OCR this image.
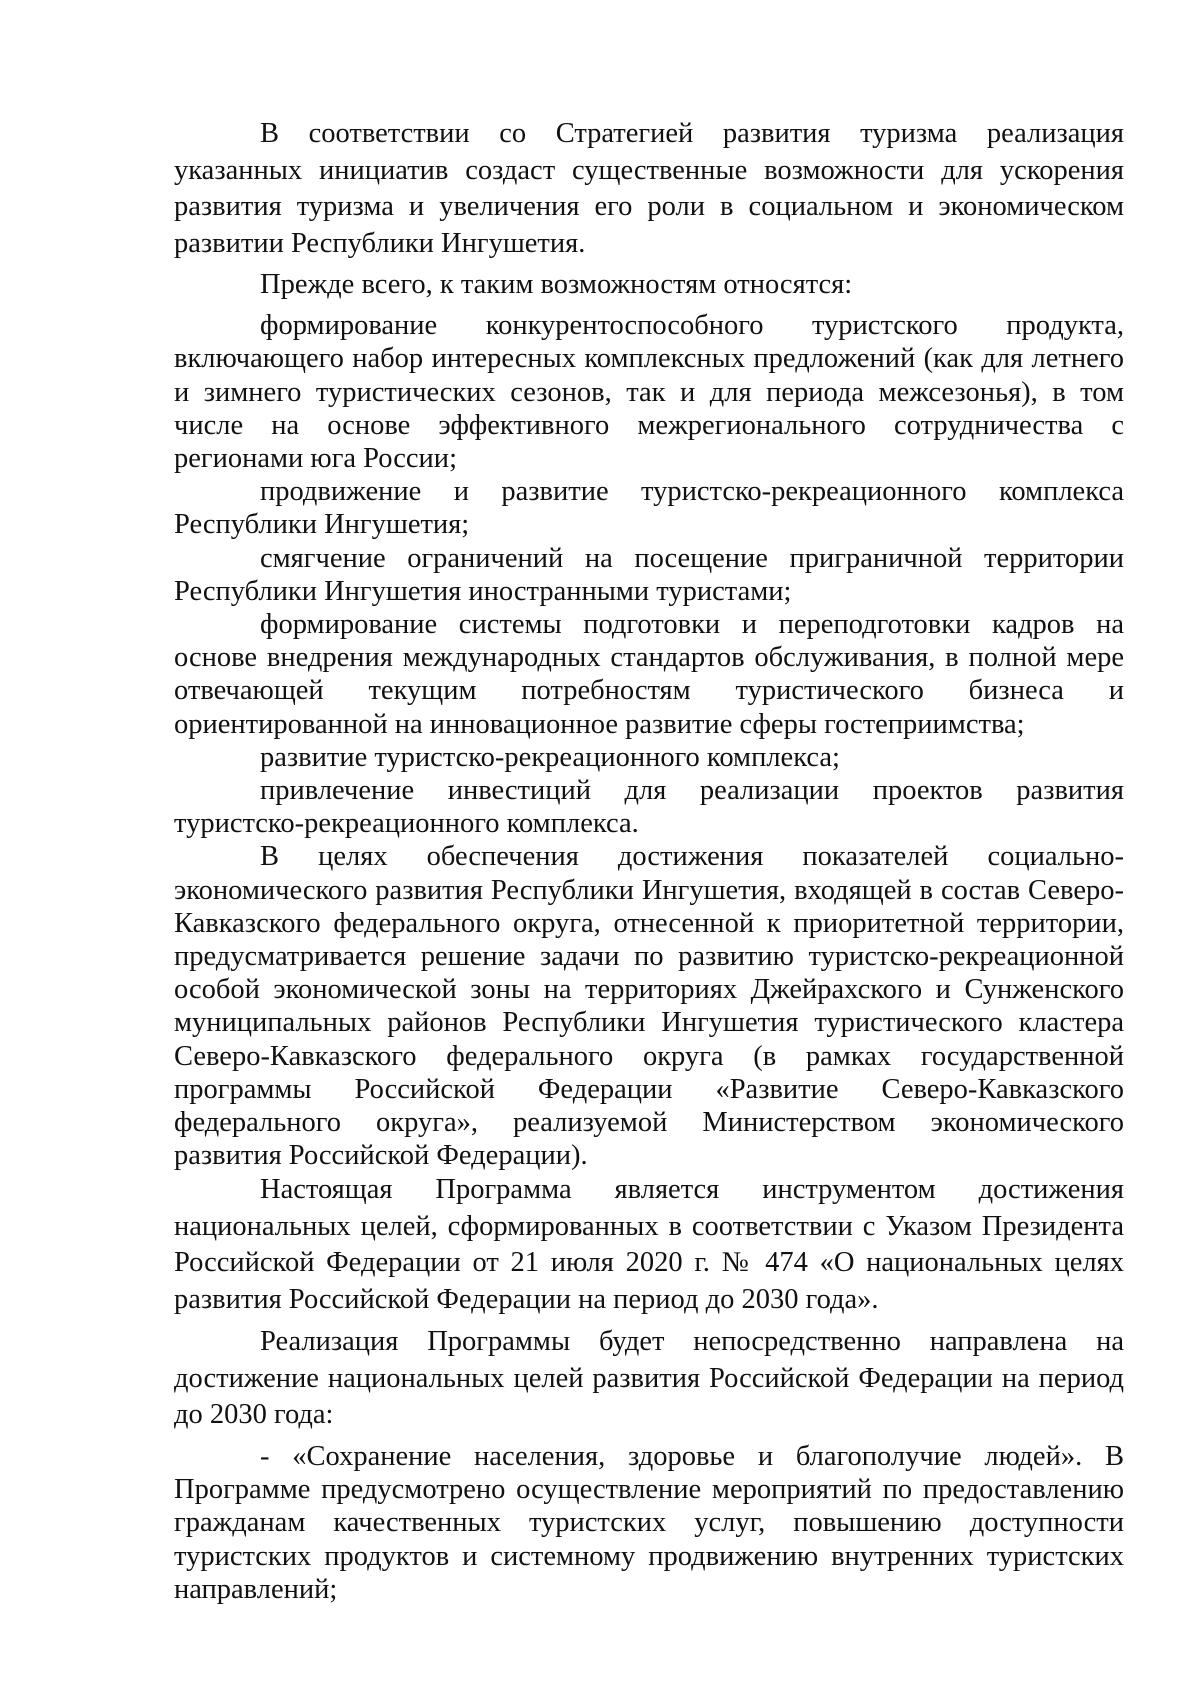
В соответствии со Стратегией развития туризма реализация указанных инициатив создаст существенные возможности для ускорения развития туризма и увеличения его роли в социальном и экономическом развитии Республики Ингушетия.

Прежде всего, к таким возможностям относятся:

формирование конкурентоспособного туристского продукта, включающего набор интересных комплексных предложений (как для летнего и зимнего туристических сезонов, так и для периода межсезонья), в том числе на основе эффективного межрегионального сотрудничества с регионами юга России;

продвижение и развитие туристско-рекреационного комплекса Республики Ингушетия;

смягчение ограничений на посещение приграничной территории Республики Ингушетия иностранными туристами;

формирование системы подготовки и переподготовки кадров на основе внедрения международных стандартов обслуживания, в полной мере отвечающей текущим потребностям туристического бизнеса и ориентированной на инновационное развитие сферы гостеприимства;

развитие туристско-рекреационного комплекса;

привлечение инвестиций для реализации проектов развития туристско-рекреационного комплекса.

В целях обеспечения достижения показателей социально-экономического развития Республики Ингушетия, входящей в состав Северо-Кавказского федерального округа, отнесенной к приоритетной территории, предусматривается решение задачи по развитию туристско-рекреационной особой экономической зоны на территориях Джейрахского и Сунженского муниципальных районов Республики Ингушетия туристического кластера Северо-Кавказского федерального округа (в рамках государственной программы Российской Федерации «Развитие Северо-Кавказского федерального округа», реализуемой Министерством экономического развития Российской Федерации).

Настоящая Программа является инструментом достижения национальных целей, сформированных в соответствии с Указом Президента Российской Федерации от 21 июля 2020 г. № 474 «О национальных целях развития Российской Федерации на период до 2030 года».

Реализация Программы будет непосредственно направлена на достижение национальных целей развития Российской Федерации на период до 2030 года:

- «Сохранение населения, здоровье и благополучие людей». В Программе предусмотрено осуществление мероприятий по предоставлению гражданам качественных туристских услуг, повышению доступности туристских продуктов и системному продвижению внутренних туристских направлений;
